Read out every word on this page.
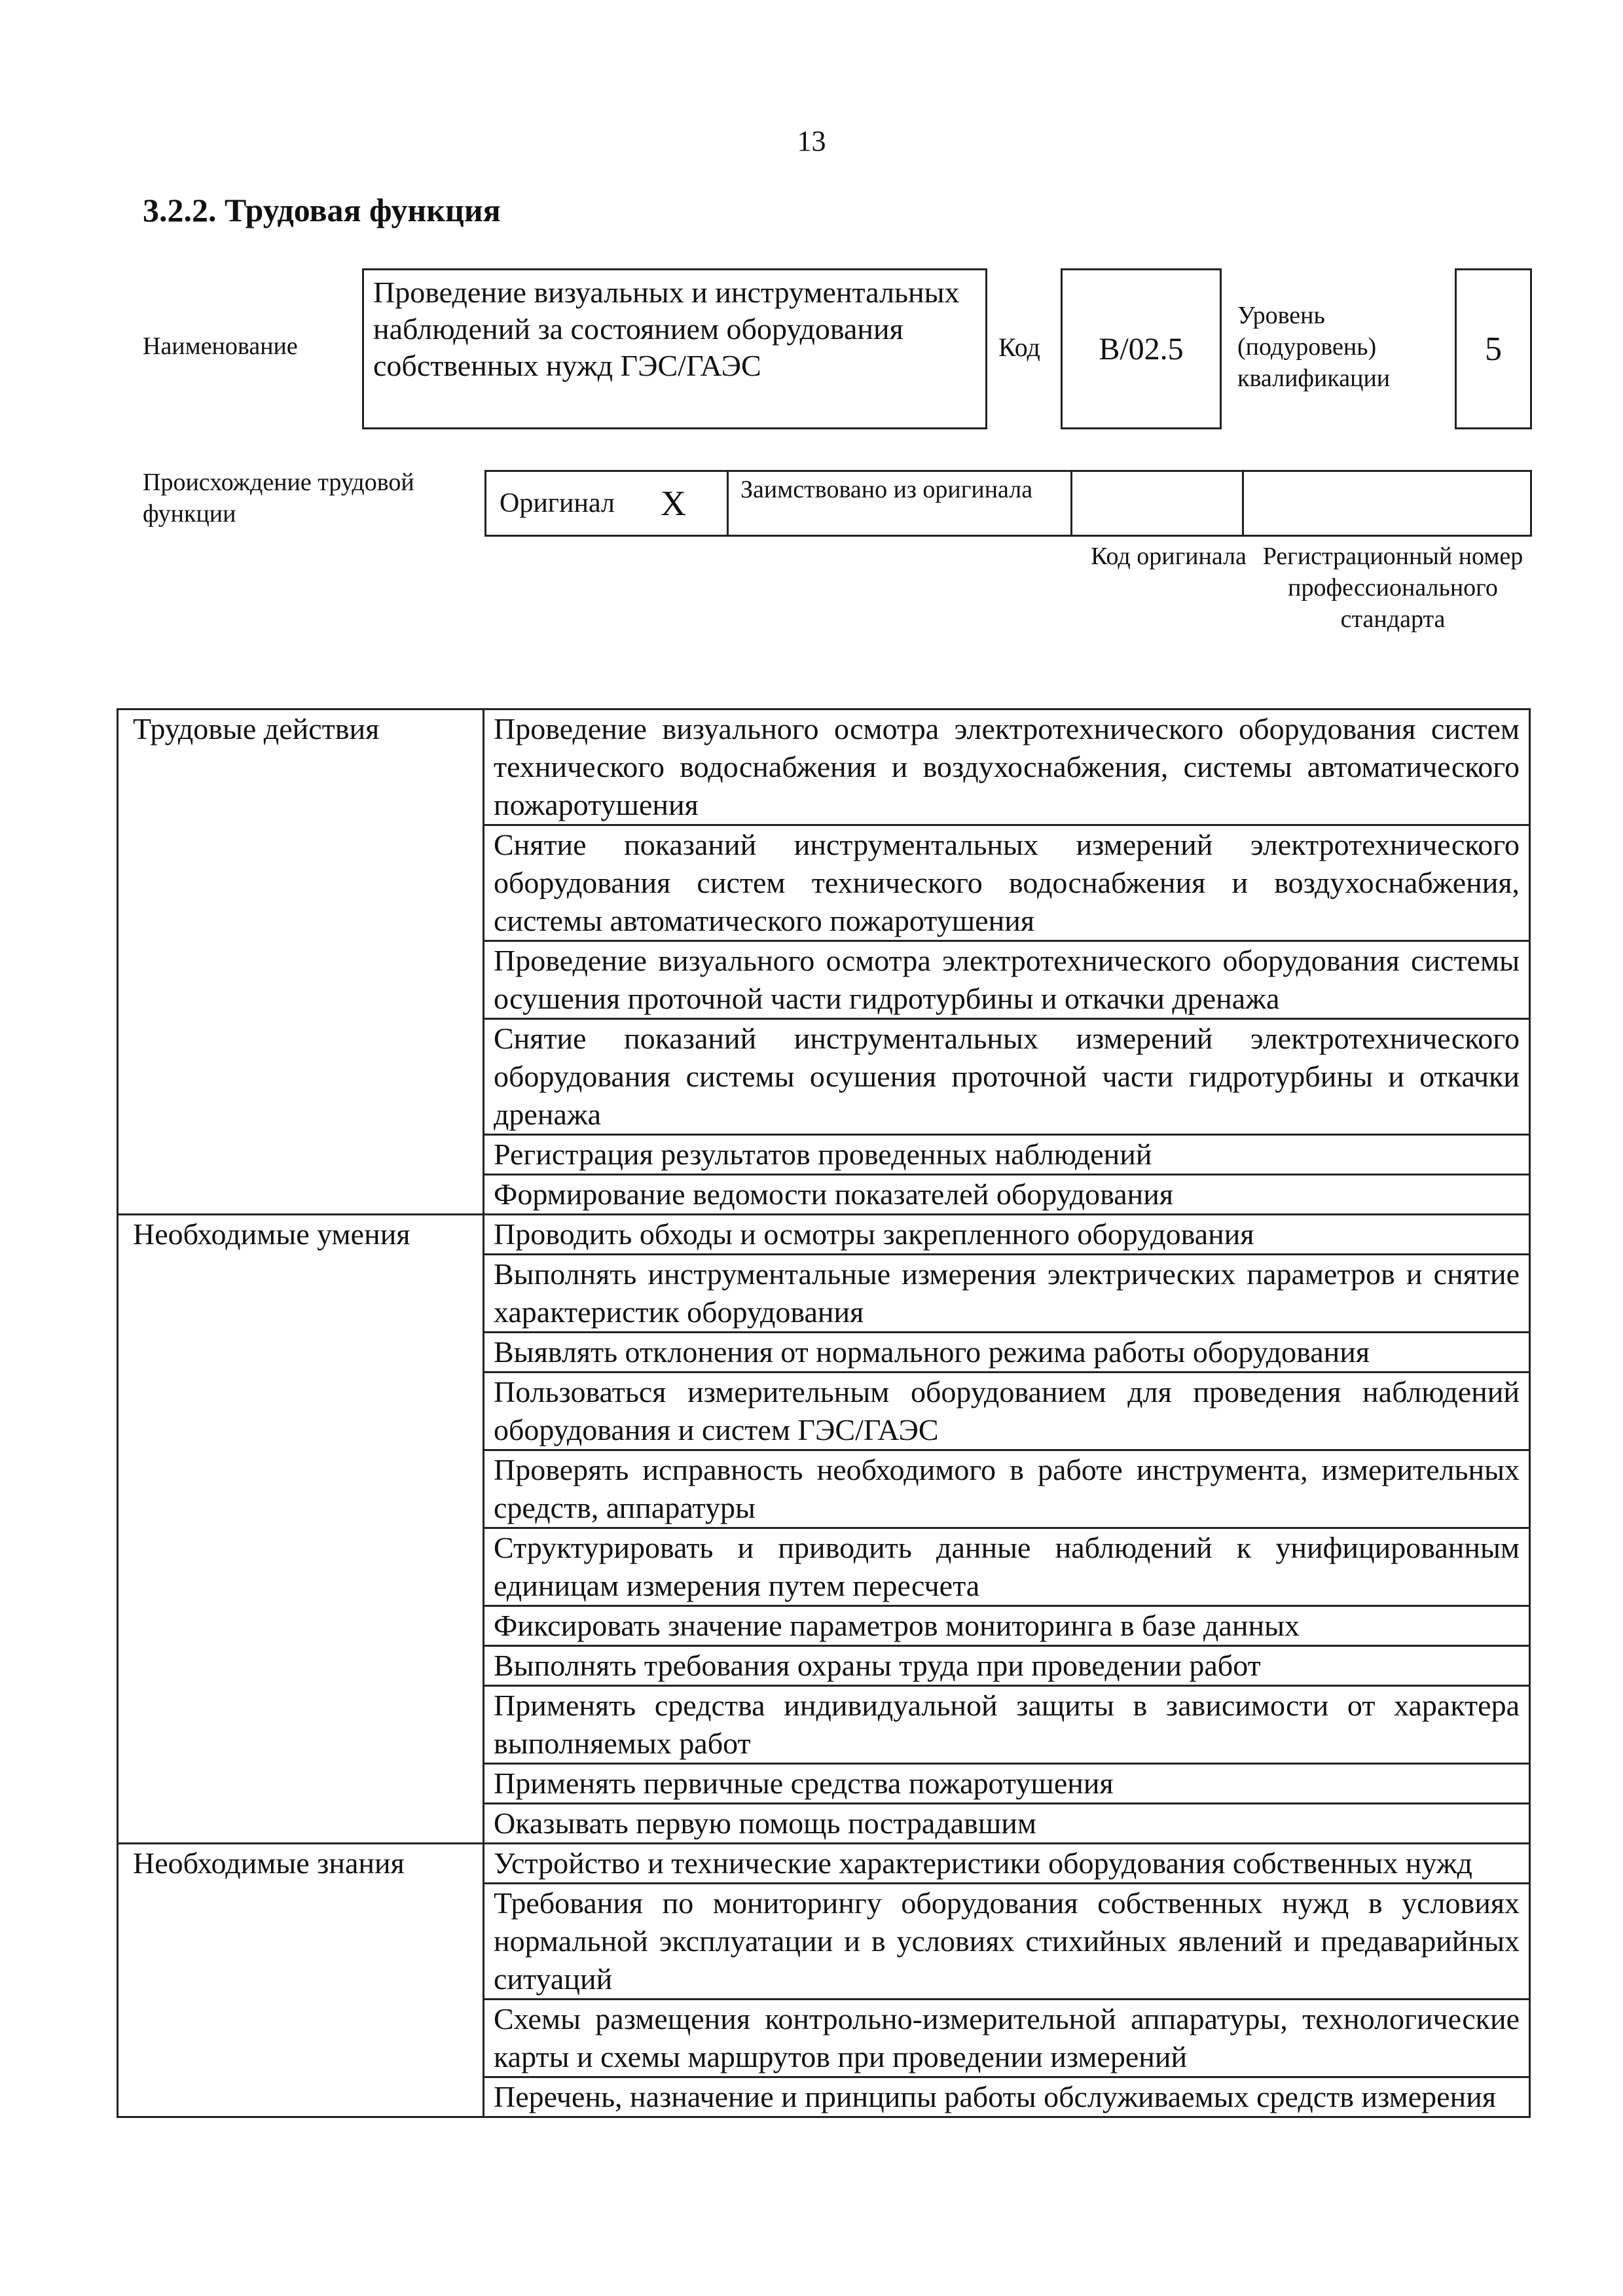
13
3.2.2. Трудовая функция
Наименование
Проведение визуальных и инструментальных наблюдений за состоянием оборудования собственных нужд ГЭС/ГАЭС
Код B/02.5
Уровень (подуровень) квалификации
5
Происхождение трудовой функции	Оригинал X	Заимствовано из оригинала
Код оригинала Регистрационный номер профессионального стандарта
Трудовые действия	Проведение визуального осмотра электротехнического оборудования систем технического водоснабжения и воздухоснабжения, системы автоматического пожаротушения
	Снятие показаний инструментальных измерений электротехнического оборудования систем технического водоснабжения и воздухоснабжения, системы автоматического пожаротушения
	Проведение визуального осмотра электротехнического оборудования системы осушения проточной части гидротурбины и откачки дренажа
	Снятие показаний инструментальных измерений электротехнического оборудования системы осушения проточной части гидротурбины и откачки дренажа
	Регистрация результатов проведенных наблюдений
	Формирование ведомости показателей оборудования
Необходимые умения	Проводить обходы и осмотры закрепленного оборудования
	Выполнять инструментальные измерения электрических параметров и снятие характеристик оборудования
	Выявлять отклонения от нормального режима работы оборудования
	Пользоваться измерительным оборудованием для проведения наблюдений оборудования и систем ГЭС/ГАЭС
	Проверять исправность необходимого в работе инструмента, измерительных средств, аппаратуры
	Структурировать и приводить данные наблюдений к унифицированным единицам измерения путем пересчета
	Фиксировать значение параметров мониторинга в базе данных
	Выполнять требования охраны труда при проведении работ
	Применять средства индивидуальной защиты в зависимости от характера выполняемых работ
	Применять первичные средства пожаротушения
	Оказывать первую помощь пострадавшим
Необходимые знания	Устройство и технические характеристики оборудования собственных нужд
	Требования по мониторингу оборудования собственных нужд в условиях нормальной эксплуатации и в условиях стихийных явлений и предаварийных ситуаций
	Схемы размещения контрольно-измерительной аппаратуры, технологические карты и схемы маршрутов при проведении измерений
	Перечень, назначение и принципы работы обслуживаемых средств измерения
